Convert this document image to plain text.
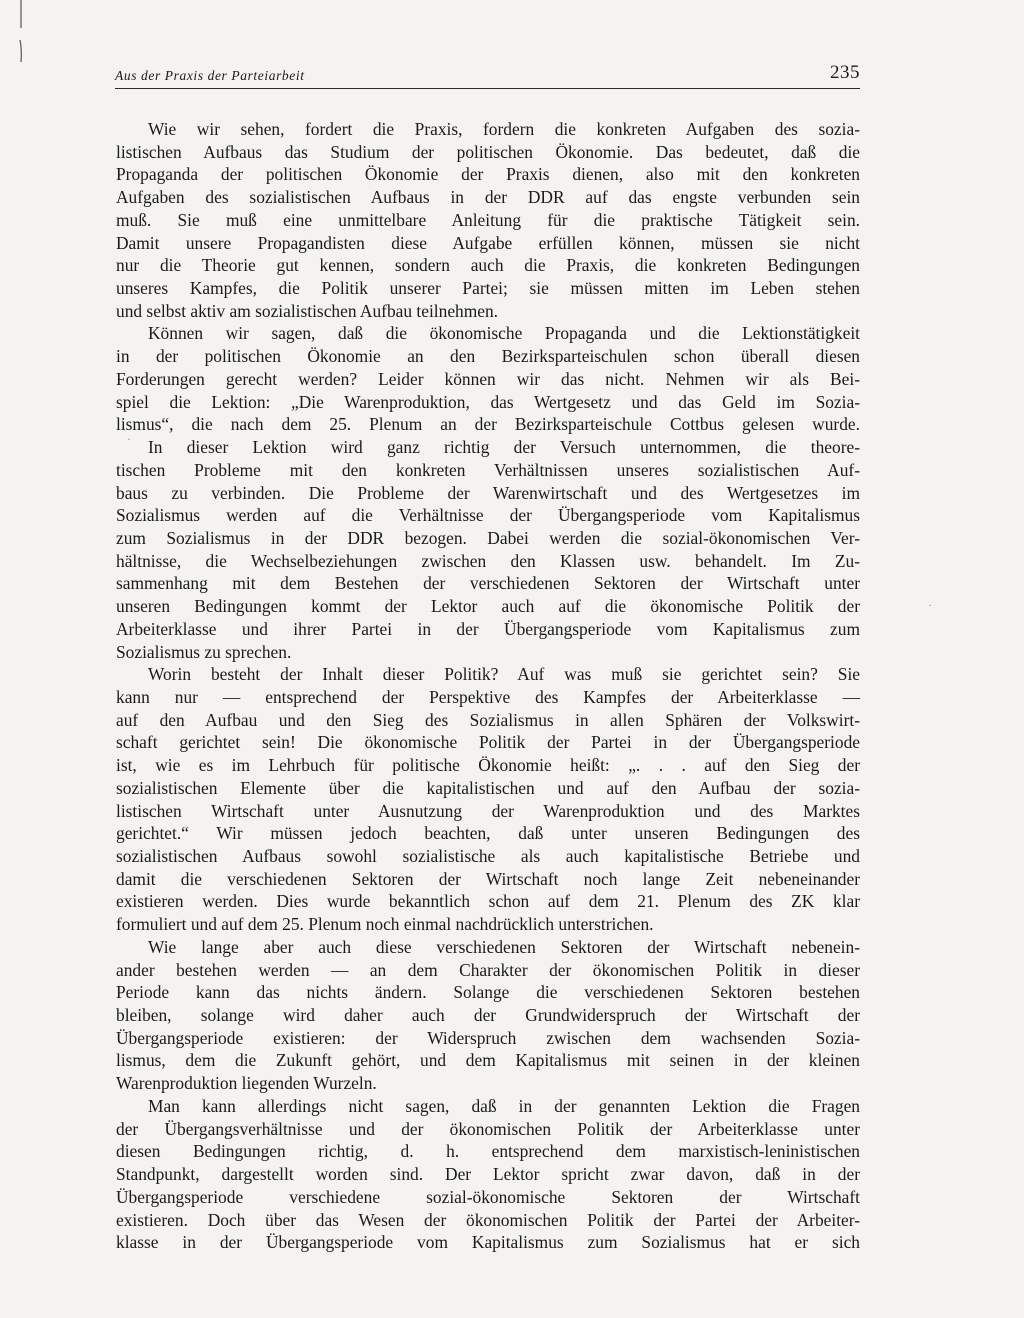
Aus der Praxis der Parteiarbeit	235
Wie wir sehen, fordert die Praxis, fordern die konkreten Aufgaben des sozia-
listischen Aufbaus das Studium der politischen Ökonomie. Das bedeutet, daß die
Propaganda der politischen Ökonomie der Praxis dienen, also mit den konkreten
Aufgaben des sozialistischen Aufbaus in der DDR auf das engste verbunden sein
muß. Sie muß eine unmittelbare Anleitung für die praktische Tätigkeit sein.
Damit unsere Propagandisten diese Aufgabe erfüllen können, müssen sie nicht
nur die Theorie gut kennen, sondern auch die Praxis, die konkreten Bedingungen
unseres Kampfes, die Politik unserer Partei; sie müssen mitten im Leben stehen
und selbst aktiv am sozialistischen Aufbau teilnehmen.
Können wir sagen, daß die ökonomische Propaganda und die Lektionstätigkeit
in der politischen Ökonomie an den Bezirksparteischulen schon überall diesen
Forderungen gerecht werden? Leider können wir das nicht. Nehmen wir als Bei-
spiel die Lektion: „Die Warenproduktion, das Wertgesetz und das Geld im Sozia-
lismus“, die nach dem 25. Plenum an der Bezirksparteischule Cottbus gelesen wurde.
In dieser Lektion wird ganz richtig der Versuch unternommen, die theore-
tischen Probleme mit den konkreten Verhältnissen unseres sozialistischen Auf-
baus zu verbinden. Die Probleme der Warenwirtschaft und des Wertgesetzes im
Sozialismus werden auf die Verhältnisse der Übergangsperiode vom Kapitalismus
zum Sozialismus in der DDR bezogen. Dabei werden die sozial-ökonomischen Ver-
hältnisse, die Wechselbeziehungen zwischen den Klassen usw. behandelt. Im Zu-
sammenhang mit dem Bestehen der verschiedenen Sektoren der Wirtschaft unter
unseren Bedingungen kommt der Lektor auch auf die ökonomische Politik der
Arbeiterklasse und ihrer Partei in der Übergangsperiode vom Kapitalismus zum
Sozialismus zu sprechen.
Worin besteht der Inhalt dieser Politik? Auf was muß sie gerichtet sein? Sie
kann nur — entsprechend der Perspektive des Kampfes der Arbeiterklasse —
auf den Aufbau und den Sieg des Sozialismus in allen Sphären der Volkswirt-
schaft gerichtet sein! Die ökonomische Politik der Partei in der Übergangsperiode
ist, wie es im Lehrbuch für politische Ökonomie heißt: „. . . auf den Sieg der
sozialistischen Elemente über die kapitalistischen und auf den Aufbau der sozia-
listischen Wirtschaft unter Ausnutzung der Warenproduktion und des Marktes
gerichtet.“ Wir müssen jedoch beachten, daß unter unseren Bedingungen des
sozialistischen Aufbaus sowohl sozialistische als auch kapitalistische Betriebe und
damit die verschiedenen Sektoren der Wirtschaft noch lange Zeit nebeneinander
existieren werden. Dies wurde bekanntlich schon auf dem 21. Plenum des ZK klar
formuliert und auf dem 25. Plenum noch einmal nachdrücklich unterstrichen.
Wie lange aber auch diese verschiedenen Sektoren der Wirtschaft nebenein-
ander bestehen werden — an dem Charakter der ökonomischen Politik in dieser
Periode kann das nichts ändern. Solange die verschiedenen Sektoren bestehen
bleiben, solange wird daher auch der Grundwiderspruch der Wirtschaft der
Übergangsperiode existieren: der Widerspruch zwischen dem wachsenden Sozia-
lismus, dem die Zukunft gehört, und dem Kapitalismus mit seinen in der kleinen
Warenproduktion liegenden Wurzeln.
Man kann allerdings nicht sagen, daß in der genannten Lektion die Fragen
der Übergangsverhältnisse und der ökonomischen Politik der Arbeiterklasse unter
diesen Bedingungen richtig, d. h. entsprechend dem marxistisch-leninistischen
Standpunkt, dargestellt worden sind. Der Lektor spricht zwar davon, daß in der
Übergangsperiode verschiedene sozial-ökonomische Sektoren der Wirtschaft
existieren. Doch über das Wesen der ökonomischen Politik der Partei der Arbeiter-
klasse in der Übergangsperiode vom Kapitalismus zum Sozialismus hat er sich
·
·
